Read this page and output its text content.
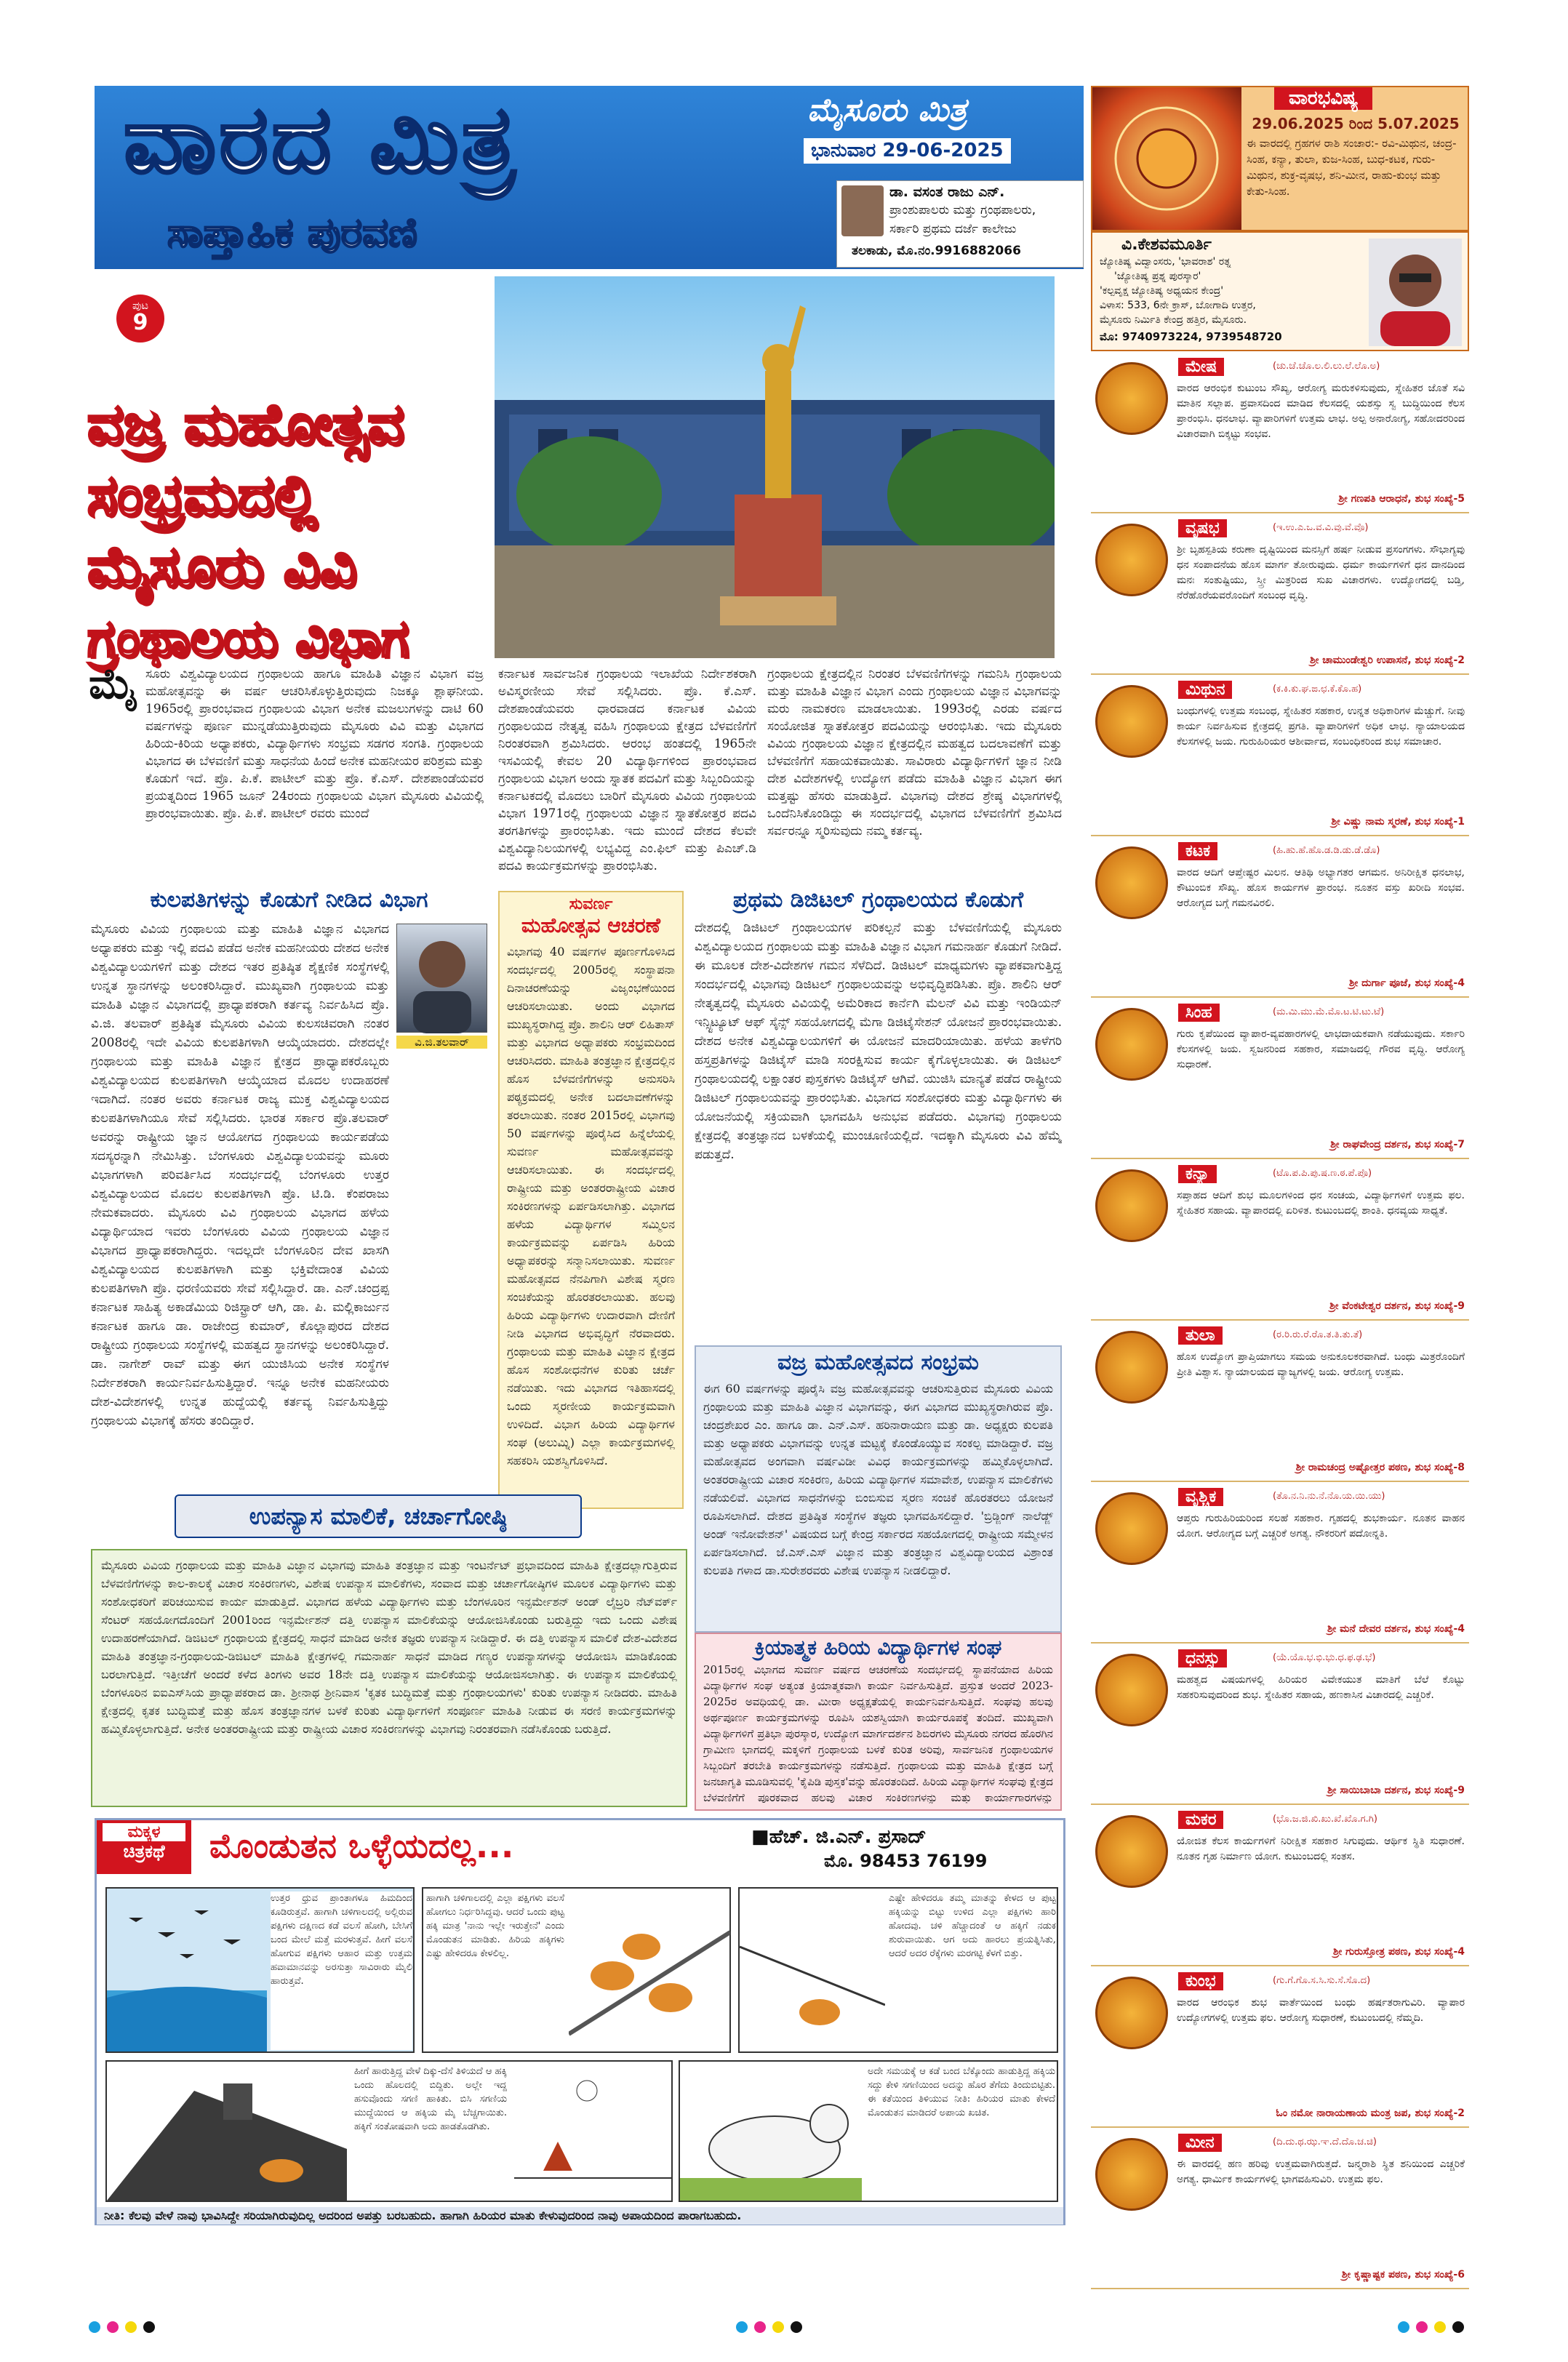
ವಾರದ ಮಿತ್ರ
ಸಾಪ್ತಾಹಿಕ ಪುರವಣಿ
ಮೈಸೂರು ಮಿತ್ರ
ಭಾನುವಾರ 29-06-2025
ಡಾ. ವಸಂತ ರಾಜು ಎನ್.
ಪ್ರಾಂಶುಪಾಲರು ಮತ್ತು ಗ್ರಂಥಪಾಲರು,
ಸರ್ಕಾರಿ ಪ್ರಥಮ ದರ್ಜೆ ಕಾಲೇಜು
ತಲಕಾಡು, ಮೊ.ನಂ.9916882066
ಪುಟ
9
ವಜ್ರ ಮಹೋತ್ಸವ
ಸಂಭ್ರಮದಲ್ಲಿ
ಮೈಸೂರು ವಿವಿ
ಗ್ರಂಥಾಲಯ ವಿಭಾಗ
ಮೈ ಸೂರು ವಿಶ್ವವಿದ್ಯಾಲಯದ ಗ್ರಂಥಾಲಯ ಹಾಗೂ ಮಾಹಿತಿ ವಿಜ್ಞಾನ ವಿಭಾಗ ವಜ್ರ ಮಹೋತ್ಸವನ್ನು ಈ ವರ್ಷ ಆಚರಿಸಿಕೊಳ್ಳುತ್ತಿರುವುದು ನಿಜಕ್ಕೂ ಶ್ಲಾಘನೀಯ. 1965ರಲ್ಲಿ ಪ್ರಾರಂಭವಾದ ಗ್ರಂಥಾಲಯ ವಿಭಾಗ ಅನೇಕ ಮಜಲುಗಳನ್ನು ದಾಟಿ 60 ವರ್ಷಗಳನ್ನು ಪೂರ್ಣ ಮುನ್ನಡೆಯುತ್ತಿರುವುದು ಮೈಸೂರು ವಿವಿ ಮತ್ತು ವಿಭಾಗದ ಹಿರಿಯ-ಕಿರಿಯ ಅಧ್ಯಾಪಕರು, ವಿದ್ಯಾರ್ಥಿಗಳು ಸಂಭ್ರಮ ಸಡಗರ ಸಂಗತಿ. ಗ್ರಂಥಾಲಯ ವಿಭಾಗದ ಈ ಬೆಳವಣಿಗೆ ಮತ್ತು ಸಾಧನೆಯ ಹಿಂದೆ ಅನೇಕ ಮಹನೀಯರ ಪರಿಶ್ರಮ ಮತ್ತು ಕೊಡುಗೆ ಇದೆ. ಪ್ರೊ. ಪಿ.ಕೆ. ಪಾಟೀಲ್ ಮತ್ತು ಪ್ರೊ. ಕೆ.ಎಸ್. ದೇಶಪಾಂಡೆಯವರ ಪ್ರಯತ್ನದಿಂದ 1965 ಜೂನ್ 24ರಂದು ಗ್ರಂಥಾಲಯ ವಿಭಾಗ ಮೈಸೂರು ವಿವಿಯಲ್ಲಿ ಪ್ರಾರಂಭವಾಯಿತು. ಪ್ರೊ. ಪಿ.ಕೆ. ಪಾಟೀಲ್ ರವರು ಮುಂದೆ
ಕರ್ನಾಟಕ ಸಾರ್ವಜನಿಕ ಗ್ರಂಥಾಲಯ ಇಲಾಖೆಯ ನಿರ್ದೇಶಕರಾಗಿ ಅವಿಸ್ಮರಣೀಯ ಸೇವೆ ಸಲ್ಲಿಸಿದರು. ಪ್ರೊ. ಕೆ.ಎಸ್. ದೇಶಪಾಂಡೆಯವರು ಧಾರವಾಡದ ಕರ್ನಾಟಕ ವಿವಿಯ ಗ್ರಂಥಾಲಯದ ನೇತೃತ್ವ ವಹಿಸಿ ಗ್ರಂಥಾಲಯ ಕ್ಷೇತ್ರದ ಬೆಳವಣಿಗೆಗೆ ನಿರಂತರವಾಗಿ ಶ್ರಮಿಸಿದರು. ಆರಂಭ ಹಂತದಲ್ಲಿ 1965ನೇ ಇಸವಿಯಲ್ಲಿ ಕೇವಲ 20 ವಿದ್ಯಾರ್ಥಿಗಳಿಂದ ಪ್ರಾರಂಭವಾದ ಗ್ರಂಥಾಲಯ ವಿಭಾಗ ಅಂದು ಸ್ನಾತಕ ಪದವಿಗೆ ಮತ್ತು ಸಿಬ್ಬಂದಿಯನ್ನು ಕರ್ನಾಟಕದಲ್ಲಿ ಮೊದಲು ಬಾರಿಗೆ ಮೈಸೂರು ವಿವಿಯ ಗ್ರಂಥಾಲಯ ವಿಭಾಗ 1971ರಲ್ಲಿ ಗ್ರಂಥಾಲಯ ವಿಜ್ಞಾನ ಸ್ನಾತಕೋತ್ತರ ಪದವಿ ತರಗತಿಗಳನ್ನು ಪ್ರಾರಂಭಿಸಿತು. ಇದು ಮುಂದೆ ದೇಶದ ಕೆಲವೇ ವಿಶ್ವವಿದ್ಯಾನಿಲಯಗಳಲ್ಲಿ ಲಭ್ಯವಿದ್ದ ಎಂ.ಫಿಲ್ ಮತ್ತು ಪಿಎಚ್.ಡಿ ಪದವಿ ಕಾರ್ಯಕ್ರಮಗಳನ್ನು ಪ್ರಾರಂಭಿಸಿತು.
ಗ್ರಂಥಾಲಯ ಕ್ಷೇತ್ರದಲ್ಲಿನ ನಿರಂತರ ಬೆಳವಣಿಗೆಗಳನ್ನು ಗಮನಿಸಿ ಗ್ರಂಥಾಲಯ ಮತ್ತು ಮಾಹಿತಿ ವಿಜ್ಞಾನ ವಿಭಾಗ ಎಂದು ಗ್ರಂಥಾಲಯ ವಿಜ್ಞಾನ ವಿಭಾಗವನ್ನು ಮರು ನಾಮಕರಣ ಮಾಡಲಾಯಿತು. 1993ರಲ್ಲಿ ಎರಡು ವರ್ಷದ ಸಂಯೋಜಿತ ಸ್ನಾತಕೋತ್ತರ ಪದವಿಯನ್ನು ಆರಂಭಿಸಿತು. ಇದು ಮೈಸೂರು ವಿವಿಯ ಗ್ರಂಥಾಲಯ ವಿಜ್ಞಾನ ಕ್ಷೇತ್ರದಲ್ಲಿನ ಮಹತ್ವದ ಬದಲಾವಣೆಗೆ ಮತ್ತು ಬೆಳವಣಿಗೆಗೆ ಸಹಾಯಕವಾಯಿತು. ಸಾವಿರಾರು ವಿದ್ಯಾರ್ಥಿಗಳಿಗೆ ಜ್ಞಾನ ನೀಡಿ ದೇಶ ವಿದೇಶಗಳಲ್ಲಿ ಉದ್ಯೋಗ ಪಡೆದು ಮಾಹಿತಿ ವಿಜ್ಞಾನ ವಿಭಾಗ ಈಗ ಮತ್ತಷ್ಟು ಹೆಸರು ಮಾಡುತ್ತಿದೆ. ವಿಭಾಗವು ದೇಶದ ಶ್ರೇಷ್ಠ ವಿಭಾಗಗಳಲ್ಲಿ ಒಂದೆನಿಸಿಕೊಂಡಿದ್ದು ಈ ಸಂದರ್ಭದಲ್ಲಿ ವಿಭಾಗದ ಬೆಳವಣಿಗೆಗೆ ಶ್ರಮಿಸಿದ ಸರ್ವರನ್ನೂ ಸ್ಮರಿಸುವುದು ನಮ್ಮ ಕರ್ತವ್ಯ.
ಕುಲಪತಿಗಳನ್ನು ಕೊಡುಗೆ ನೀಡಿದ ವಿಭಾಗ
ವಿ.ಜಿ.ತಲವಾರ್
ಮೈಸೂರು ವಿವಿಯ ಗ್ರಂಥಾಲಯ ಮತ್ತು ಮಾಹಿತಿ ವಿಜ್ಞಾನ ವಿಭಾಗದ ಅಧ್ಯಾಪಕರು ಮತ್ತು ಇಲ್ಲಿ ಪದವಿ ಪಡೆದ ಅನೇಕ ಮಹನೀಯರು ದೇಶದ ಅನೇಕ ವಿಶ್ವವಿದ್ಯಾಲಯಗಳಿಗೆ ಮತ್ತು ದೇಶದ ಇತರ ಪ್ರತಿಷ್ಠಿತ ಶೈಕ್ಷಣಿಕ ಸಂಸ್ಥೆಗಳಲ್ಲಿ ಉನ್ನತ ಸ್ಥಾನಗಳನ್ನು ಅಲಂಕರಿಸಿದ್ದಾರೆ. ಮುಖ್ಯವಾಗಿ ಗ್ರಂಥಾಲಯ ಮತ್ತು ಮಾಹಿತಿ ವಿಜ್ಞಾನ ವಿಭಾಗದಲ್ಲಿ ಪ್ರಾಧ್ಯಾಪಕರಾಗಿ ಕರ್ತವ್ಯ ನಿರ್ವಹಿಸಿದ ಪ್ರೊ. ವಿ.ಜಿ. ತಲವಾರ್ ಪ್ರತಿಷ್ಠಿತ ಮೈಸೂರು ವಿವಿಯ ಕುಲಸಚಿವರಾಗಿ ನಂತರ 2008ರಲ್ಲಿ ಇದೇ ವಿವಿಯ ಕುಲಪತಿಗಳಾಗಿ ಆಯ್ಕೆಯಾದರು. ದೇಶದಲ್ಲೇ ಗ್ರಂಥಾಲಯ ಮತ್ತು ಮಾಹಿತಿ ವಿಜ್ಞಾನ ಕ್ಷೇತ್ರದ ಪ್ರಾಧ್ಯಾಪಕರೊಬ್ಬರು ವಿಶ್ವವಿದ್ಯಾಲಯದ ಕುಲಪತಿಗಳಾಗಿ ಆಯ್ಕೆಯಾದ ಮೊದಲ ಉದಾಹರಣೆ ಇದಾಗಿದೆ. ನಂತರ ಅವರು ಕರ್ನಾಟಕ ರಾಜ್ಯ ಮುಕ್ತ ವಿಶ್ವವಿದ್ಯಾಲಯದ ಕುಲಪತಿಗಳಾಗಿಯೂ ಸೇವೆ ಸಲ್ಲಿಸಿದರು. ಭಾರತ ಸರ್ಕಾರ ಪ್ರೊ.ತಲವಾರ್ ಅವರನ್ನು ರಾಷ್ಟ್ರೀಯ ಜ್ಞಾನ ಆಯೋಗದ ಗ್ರಂಥಾಲಯ ಕಾರ್ಯಪಡೆಯ ಸದಸ್ಯರನ್ನಾಗಿ ನೇಮಿಸಿತ್ತು. ಬೆಂಗಳೂರು ವಿಶ್ವವಿದ್ಯಾಲಯವನ್ನು ಮೂರು ವಿಭಾಗಗಳಾಗಿ ಪರಿವರ್ತಿಸಿದ ಸಂದರ್ಭದಲ್ಲಿ ಬೆಂಗಳೂರು ಉತ್ತರ ವಿಶ್ವವಿದ್ಯಾಲಯದ ಮೊದಲ ಕುಲಪತಿಗಳಾಗಿ ಪ್ರೊ. ಟಿ.ಡಿ. ಕೆಂಪರಾಜು ನೇಮಕವಾದರು. ಮೈಸೂರು ವಿವಿ ಗ್ರಂಥಾಲಯ ವಿಭಾಗದ ಹಳೆಯ ವಿದ್ಯಾರ್ಥಿಯಾದ ಇವರು ಬೆಂಗಳೂರು ವಿವಿಯ ಗ್ರಂಥಾಲಯ ವಿಜ್ಞಾನ ವಿಭಾಗದ ಪ್ರಾಧ್ಯಾಪಕರಾಗಿದ್ದರು. ಇದಲ್ಲದೇ ಬೆಂಗಳೂರಿನ ದೇವ ಖಾಸಗಿ ವಿಶ್ವವಿದ್ಯಾಲಯದ ಕುಲಪತಿಗಳಾಗಿ ಮತ್ತು ಭಕ್ತಿವೇದಾಂತ ವಿವಿಯ ಕುಲಪತಿಗಳಾಗಿ ಪ್ರೊ. ಧರಣಿಯವರು ಸೇವೆ ಸಲ್ಲಿಸಿದ್ದಾರೆ. ಡಾ. ಎನ್.ಚಂದ್ರಪ್ಪ ಕರ್ನಾಟಕ ಸಾಹಿತ್ಯ ಅಕಾಡೆಮಿಯ ರಿಜಿಸ್ಟ್ರಾರ್ ಆಗಿ, ಡಾ. ಪಿ. ಮಲ್ಲಿಕಾರ್ಜುನ ಕರ್ನಾಟಕ ಹಾಗೂ ಡಾ. ರಾಜೇಂದ್ರ ಕುಮಾರ್, ಕೊಲ್ಲಾಪುರದ ದೇಶದ ರಾಷ್ಟ್ರೀಯ ಗ್ರಂಥಾಲಯ ಸಂಸ್ಥೆಗಳಲ್ಲಿ ಮಹತ್ವದ ಸ್ಥಾನಗಳನ್ನು ಅಲಂಕರಿಸಿದ್ದಾರೆ. ಡಾ. ನಾಗೇಶ್ ರಾವ್ ಮತ್ತು ಈಗ ಯುಜಿಸಿಯ ಅನೇಕ ಸಂಸ್ಥೆಗಳ ನಿರ್ದೇಶಕರಾಗಿ ಕಾರ್ಯನಿರ್ವಹಿಸುತ್ತಿದ್ದಾರೆ. ಇನ್ನೂ ಅನೇಕ ಮಹನೀಯರು ದೇಶ-ವಿದೇಶಗಳಲ್ಲಿ ಉನ್ನತ ಹುದ್ದೆಯಲ್ಲಿ ಕರ್ತವ್ಯ ನಿರ್ವಹಿಸುತ್ತಿದ್ದು ಗ್ರಂಥಾಲಯ ವಿಭಾಗಕ್ಕೆ ಹೆಸರು ತಂದಿದ್ದಾರೆ.
ಸುವರ್ಣ
ಮಹೋತ್ಸವ ಆಚರಣೆ
ವಿಭಾಗವು 40 ವರ್ಷಗಳ ಪೂರ್ಣಗೊಳಿಸಿದ ಸಂದರ್ಭದಲ್ಲಿ 2005ರಲ್ಲಿ ಸಂಸ್ಥಾಪನಾ ದಿನಾಚರಣೆಯನ್ನು ವಿಜೃಂಭಣೆಯಿಂದ ಆಚರಿಸಲಾಯಿತು. ಅಂದು ವಿಭಾಗದ ಮುಖ್ಯಸ್ಥರಾಗಿದ್ದ ಪ್ರೊ. ಶಾಲಿನಿ ಆರ್ ಲಿಹಿತಾಸ್ ಮತ್ತು ವಿಭಾಗದ ಅಧ್ಯಾಪಕರು ಸಂಭ್ರಮದಿಂದ ಆಚರಿಸಿದರು. ಮಾಹಿತಿ ತಂತ್ರಜ್ಞಾನ ಕ್ಷೇತ್ರದಲ್ಲಿನ ಹೊಸ ಬೆಳವಣಿಗೆಗಳನ್ನು ಅನುಸರಿಸಿ ಪಠ್ಯಕ್ರಮದಲ್ಲಿ ಅನೇಕ ಬದಲಾವಣೆಗಳನ್ನು ತರಲಾಯಿತು. ನಂತರ 2015ರಲ್ಲಿ ವಿಭಾಗವು 50 ವರ್ಷಗಳನ್ನು ಪೂರೈಸಿದ ಹಿನ್ನೆಲೆಯಲ್ಲಿ ಸುವರ್ಣ ಮಹೋತ್ಸವವನ್ನು ಆಚರಿಸಲಾಯಿತು. ಈ ಸಂದರ್ಭದಲ್ಲಿ ರಾಷ್ಟ್ರೀಯ ಮತ್ತು ಅಂತರರಾಷ್ಟ್ರೀಯ ವಿಚಾರ ಸಂಕಿರಣಗಳನ್ನು ಏರ್ಪಡಿಸಲಾಗಿತ್ತು. ವಿಭಾಗದ ಹಳೆಯ ವಿದ್ಯಾರ್ಥಿಗಳ ಸಮ್ಮಿಲನ ಕಾರ್ಯಕ್ರಮವನ್ನು ಏರ್ಪಡಿಸಿ ಹಿರಿಯ ಅಧ್ಯಾಪಕರನ್ನು ಸನ್ಮಾನಿಸಲಾಯಿತು. ಸುವರ್ಣ ಮಹೋತ್ಸವದ ನೆನಪಿಗಾಗಿ ವಿಶೇಷ ಸ್ಮರಣ ಸಂಚಿಕೆಯನ್ನು ಹೊರತರಲಾಯಿತು. ಹಲವು ಹಿರಿಯ ವಿದ್ಯಾರ್ಥಿಗಳು ಉದಾರವಾಗಿ ದೇಣಿಗೆ ನೀಡಿ ವಿಭಾಗದ ಅಭಿವೃದ್ಧಿಗೆ ನೆರವಾದರು. ಗ್ರಂಥಾಲಯ ಮತ್ತು ಮಾಹಿತಿ ವಿಜ್ಞಾನ ಕ್ಷೇತ್ರದ ಹೊಸ ಸಂಶೋಧನೆಗಳ ಕುರಿತು ಚರ್ಚೆ ನಡೆಯಿತು. ಇದು ವಿಭಾಗದ ಇತಿಹಾಸದಲ್ಲಿ ಒಂದು ಸ್ಮರಣೀಯ ಕಾರ್ಯಕ್ರಮವಾಗಿ ಉಳಿದಿದೆ. ವಿಭಾಗ ಹಿರಿಯ ವಿದ್ಯಾರ್ಥಿಗಳ ಸಂಘ (ಅಲುಮ್ನಿ) ಎಲ್ಲಾ ಕಾರ್ಯಕ್ರಮಗಳಲ್ಲಿ ಸಹಕರಿಸಿ ಯಶಸ್ವಿಗೊಳಿಸಿದೆ.
ಪ್ರಥಮ ಡಿಜಿಟಲ್ ಗ್ರಂಥಾಲಯದ ಕೊಡುಗೆ
ದೇಶದಲ್ಲಿ ಡಿಜಿಟಲ್ ಗ್ರಂಥಾಲಯಗಳ ಪರಿಕಲ್ಪನೆ ಮತ್ತು ಬೆಳವಣಿಗೆಯಲ್ಲಿ ಮೈಸೂರು ವಿಶ್ವವಿದ್ಯಾಲಯದ ಗ್ರಂಥಾಲಯ ಮತ್ತು ಮಾಹಿತಿ ವಿಜ್ಞಾನ ವಿಭಾಗ ಗಮನಾರ್ಹ ಕೊಡುಗೆ ನೀಡಿದೆ. ಈ ಮೂಲಕ ದೇಶ-ವಿದೇಶಗಳ ಗಮನ ಸೆಳೆದಿದೆ. ಡಿಜಿಟಲ್ ಮಾಧ್ಯಮಗಳು ವ್ಯಾಪಕವಾಗುತ್ತಿದ್ದ ಸಂದರ್ಭದಲ್ಲಿ ವಿಭಾಗವು ಡಿಜಿಟಲ್ ಗ್ರಂಥಾಲಯವನ್ನು ಅಭಿವೃದ್ಧಿಪಡಿಸಿತು. ಪ್ರೊ. ಶಾಲಿನಿ ಆರ್ ನೇತೃತ್ವದಲ್ಲಿ ಮೈಸೂರು ವಿವಿಯಲ್ಲಿ ಅಮೆರಿಕಾದ ಕಾರ್ನೆಗಿ ಮೆಲನ್ ವಿವಿ ಮತ್ತು ಇಂಡಿಯನ್ ಇನ್ಸ್ಟಿಟ್ಯೂಟ್ ಆಫ್ ಸೈನ್ಸ್ ಸಹಯೋಗದಲ್ಲಿ ಮೆಗಾ ಡಿಜಿಟೈಸೇಶನ್ ಯೋಜನೆ ಪ್ರಾರಂಭವಾಯಿತು. ದೇಶದ ಅನೇಕ ವಿಶ್ವವಿದ್ಯಾಲಯಗಳಿಗೆ ಈ ಯೋಜನೆ ಮಾದರಿಯಾಯಿತು. ಹಳೆಯ ತಾಳೆಗರಿ ಹಸ್ತಪ್ರತಿಗಳನ್ನು ಡಿಜಿಟೈಸ್ ಮಾಡಿ ಸಂರಕ್ಷಿಸುವ ಕಾರ್ಯ ಕೈಗೊಳ್ಳಲಾಯಿತು. ಈ ಡಿಜಿಟಲ್ ಗ್ರಂಥಾಲಯದಲ್ಲಿ ಲಕ್ಷಾಂತರ ಪುಸ್ತಕಗಳು ಡಿಜಿಟೈಸ್ ಆಗಿವೆ. ಯುಜಿಸಿ ಮಾನ್ಯತೆ ಪಡೆದ ರಾಷ್ಟ್ರೀಯ ಡಿಜಿಟಲ್ ಗ್ರಂಥಾಲಯವನ್ನು ಪ್ರಾರಂಭಿಸಿತು. ವಿಭಾಗದ ಸಂಶೋಧಕರು ಮತ್ತು ವಿದ್ಯಾರ್ಥಿಗಳು ಈ ಯೋಜನೆಯಲ್ಲಿ ಸಕ್ರಿಯವಾಗಿ ಭಾಗವಹಿಸಿ ಅನುಭವ ಪಡೆದರು. ವಿಭಾಗವು ಗ್ರಂಥಾಲಯ ಕ್ಷೇತ್ರದಲ್ಲಿ ತಂತ್ರಜ್ಞಾನದ ಬಳಕೆಯಲ್ಲಿ ಮುಂಚೂಣಿಯಲ್ಲಿದೆ. ಇದಕ್ಕಾಗಿ ಮೈಸೂರು ವಿವಿ ಹೆಮ್ಮೆ ಪಡುತ್ತದೆ.
ವಜ್ರ ಮಹೋತ್ಸವದ ಸಂಭ್ರಮ
ಈಗ 60 ವರ್ಷಗಳನ್ನು ಪೂರೈಸಿ ವಜ್ರ ಮಹೋತ್ಸವವನ್ನು ಆಚರಿಸುತ್ತಿರುವ ಮೈಸೂರು ವಿವಿಯ ಗ್ರಂಥಾಲಯ ಮತ್ತು ಮಾಹಿತಿ ವಿಜ್ಞಾನ ವಿಭಾಗವನ್ನು, ಈಗ ವಿಭಾಗದ ಮುಖ್ಯಸ್ಥರಾಗಿರುವ ಪ್ರೊ. ಚಂದ್ರಶೇಖರ ಎಂ. ಹಾಗೂ ಡಾ. ಎನ್.ಎಸ್. ಹರಿನಾರಾಯಣ ಮತ್ತು ಡಾ. ಅಧ್ಯಕ್ಷರು ಕುಲಪತಿ ಮತ್ತು ಅಧ್ಯಾಪಕರು ವಿಭಾಗವನ್ನು ಉನ್ನತ ಮಟ್ಟಕ್ಕೆ ಕೊಂಡೊಯ್ಯುವ ಸಂಕಲ್ಪ ಮಾಡಿದ್ದಾರೆ. ವಜ್ರ ಮಹೋತ್ಸವದ ಅಂಗವಾಗಿ ವರ್ಷವಿಡೀ ವಿವಿಧ ಕಾರ್ಯಕ್ರಮಗಳನ್ನು ಹಮ್ಮಿಕೊಳ್ಳಲಾಗಿದೆ. ಅಂತರರಾಷ್ಟ್ರೀಯ ವಿಚಾರ ಸಂಕಿರಣ, ಹಿರಿಯ ವಿದ್ಯಾರ್ಥಿಗಳ ಸಮಾವೇಶ, ಉಪನ್ಯಾಸ ಮಾಲಿಕೆಗಳು ನಡೆಯಲಿವೆ. ವಿಭಾಗದ ಸಾಧನೆಗಳನ್ನು ಬಿಂಬಿಸುವ ಸ್ಮರಣ ಸಂಚಿಕೆ ಹೊರತರಲು ಯೋಜನೆ ರೂಪಿಸಲಾಗಿದೆ. ದೇಶದ ಪ್ರತಿಷ್ಠಿತ ಸಂಸ್ಥೆಗಳ ತಜ್ಞರು ಭಾಗವಹಿಸಲಿದ್ದಾರೆ. 'ಬ್ರಿಡ್ಜಿಂಗ್ ನಾಲೆಡ್ಜ್ ಅಂಡ್ ಇನೋವೇಶನ್' ವಿಷಯದ ಬಗ್ಗೆ ಕೇಂದ್ರ ಸರ್ಕಾರದ ಸಹಯೋಗದಲ್ಲಿ ರಾಷ್ಟ್ರೀಯ ಸಮ್ಮೇಳನ ಏರ್ಪಡಿಸಲಾಗಿದೆ. ಜೆ.ಎಸ್.ಎಸ್ ವಿಜ್ಞಾನ ಮತ್ತು ತಂತ್ರಜ್ಞಾನ ವಿಶ್ವವಿದ್ಯಾಲಯದ ವಿಶ್ರಾಂತ ಕುಲಪತಿ ಗಳಾದ ಡಾ.ಸುರೇಶರವರು ವಿಶೇಷ ಉಪನ್ಯಾಸ ನೀಡಲಿದ್ದಾರೆ.
ಉಪನ್ಯಾಸ ಮಾಲಿಕೆ, ಚರ್ಚಾಗೋಷ್ಠಿ
ಮೈಸೂರು ವಿವಿಯ ಗ್ರಂಥಾಲಯ ಮತ್ತು ಮಾಹಿತಿ ವಿಜ್ಞಾನ ವಿಭಾಗವು ಮಾಹಿತಿ ತಂತ್ರಜ್ಞಾನ ಮತ್ತು ಇಂಟರ್ನೆಟ್ ಪ್ರಭಾವದಿಂದ ಮಾಹಿತಿ ಕ್ಷೇತ್ರದಲ್ಲಾಗುತ್ತಿರುವ ಬೆಳವಣಿಗೆಗಳನ್ನು ಕಾಲ-ಕಾಲಕ್ಕೆ ವಿಚಾರ ಸಂಕಿರಣಗಳು, ವಿಶೇಷ ಉಪನ್ಯಾಸ ಮಾಲಿಕೆಗಳು, ಸಂವಾದ ಮತ್ತು ಚರ್ಚಾಗೋಷ್ಠಿಗಳ ಮೂಲಕ ವಿದ್ಯಾರ್ಥಿಗಳು ಮತ್ತು ಸಂಶೋಧಕರಿಗೆ ಪರಿಚಯಿಸುವ ಕಾರ್ಯ ಮಾಡುತ್ತಿದೆ. ವಿಭಾಗದ ಹಳೆಯ ವಿದ್ಯಾರ್ಥಿಗಳು ಮತ್ತು ಬೆಂಗಳೂರಿನ ಇನ್ಫರ್ಮೇಶನ್ ಅಂಡ್ ಲೈಬ್ರರಿ ನೆಟ್‌ವರ್ಕ್ ಸೆಂಟರ್ ಸಹಯೋಗದೊಂದಿಗೆ 2001ರಿಂದ ಇನ್ಫರ್ಮೇಶನ್ ದತ್ತಿ ಉಪನ್ಯಾಸ ಮಾಲಿಕೆಯನ್ನು ಆಯೋಜಿಸಿಕೊಂಡು ಬರುತ್ತಿದ್ದು ಇದು ಒಂದು ವಿಶೇಷ ಉದಾಹರಣೆಯಾಗಿದೆ. ಡಿಜಿಟಲ್ ಗ್ರಂಥಾಲಯ ಕ್ಷೇತ್ರದಲ್ಲಿ ಸಾಧನೆ ಮಾಡಿದ ಅನೇಕ ತಜ್ಞರು ಉಪನ್ಯಾಸ ನೀಡಿದ್ದಾರೆ. ಈ ದತ್ತಿ ಉಪನ್ಯಾಸ ಮಾಲಿಕೆ ದೇಶ-ವಿದೇಶದ ಮಾಹಿತಿ ತಂತ್ರಜ್ಞಾನ-ಗ್ರಂಥಾಲಯ-ಡಿಜಿಟಲ್ ಮಾಹಿತಿ ಕ್ಷೇತ್ರಗಳಲ್ಲಿ ಗಮನಾರ್ಹ ಸಾಧನೆ ಮಾಡಿದ ಗಣ್ಯರ ಉಪನ್ಯಾಸಗಳನ್ನು ಆಯೋಜಿಸಿ ಮಾಡಿಕೊಂಡು ಬರಲಾಗುತ್ತಿದೆ. ಇತ್ತೀಚೆಗೆ ಅಂದರೆ ಕಳೆದ ತಿಂಗಳು ಅವರ 18ನೇ ದತ್ತಿ ಉಪನ್ಯಾಸ ಮಾಲಿಕೆಯನ್ನು ಆಯೋಜಿಸಲಾಗಿತ್ತು. ಈ ಉಪನ್ಯಾಸ ಮಾಲಿಕೆಯಲ್ಲಿ ಬೆಂಗಳೂರಿನ ಐಐಎಸ್‌ಸಿಯ ಪ್ರಾಧ್ಯಾಪಕರಾದ ಡಾ. ಶ್ರೀನಾಥ ಶ್ರೀನಿವಾಸ 'ಕೃತಕ ಬುದ್ಧಿಮತ್ತೆ ಮತ್ತು ಗ್ರಂಥಾಲಯಗಳು' ಕುರಿತು ಉಪನ್ಯಾಸ ನೀಡಿದರು. ಮಾಹಿತಿ ಕ್ಷೇತ್ರದಲ್ಲಿ ಕೃತಕ ಬುದ್ಧಿಮತ್ತೆ ಮತ್ತು ಹೊಸ ತಂತ್ರಜ್ಞಾನಗಳ ಬಳಕೆ ಕುರಿತು ವಿದ್ಯಾರ್ಥಿಗಳಿಗೆ ಸಂಪೂರ್ಣ ಮಾಹಿತಿ ನೀಡುವ ಈ ಸರಣಿ ಕಾರ್ಯಕ್ರಮಗಳನ್ನು ಹಮ್ಮಿಕೊಳ್ಳಲಾಗುತ್ತಿದೆ. ಅನೇಕ ಅಂತರರಾಷ್ಟ್ರೀಯ ಮತ್ತು ರಾಷ್ಟ್ರೀಯ ವಿಚಾರ ಸಂಕಿರಣಗಳನ್ನು ವಿಭಾಗವು ನಿರಂತರವಾಗಿ ನಡೆಸಿಕೊಂಡು ಬರುತ್ತಿದೆ.
ಕ್ರಿಯಾತ್ಮಕ ಹಿರಿಯ ವಿದ್ಯಾರ್ಥಿಗಳ ಸಂಘ
2015ರಲ್ಲಿ ವಿಭಾಗದ ಸುವರ್ಣ ವರ್ಷದ ಆಚರಣೆಯ ಸಂದರ್ಭದಲ್ಲಿ ಸ್ಥಾಪನೆಯಾದ ಹಿರಿಯ ವಿದ್ಯಾರ್ಥಿಗಳ ಸಂಘ ಅತ್ಯಂತ ಕ್ರಿಯಾತ್ಮಕವಾಗಿ ಕಾರ್ಯ ನಿರ್ವಹಿಸುತ್ತಿದೆ. ಪ್ರಸ್ತುತ ಅಂದರೆ 2023-2025ರ ಅವಧಿಯಲ್ಲಿ ಡಾ. ಮೀರಾ ಅಧ್ಯಕ್ಷತೆಯಲ್ಲಿ ಕಾರ್ಯನಿರ್ವಹಿಸುತ್ತಿದೆ. ಸಂಘವು ಹಲವು ಅರ್ಥಪೂರ್ಣ ಕಾರ್ಯಕ್ರಮಗಳನ್ನು ರೂಪಿಸಿ ಯಶಸ್ವಿಯಾಗಿ ಕಾರ್ಯರೂಪಕ್ಕೆ ತಂದಿದೆ. ಮುಖ್ಯವಾಗಿ ವಿದ್ಯಾರ್ಥಿಗಳಿಗೆ ಪ್ರತಿಭಾ ಪುರಸ್ಕಾರ, ಉದ್ಯೋಗ ಮಾರ್ಗದರ್ಶನ ಶಿಬಿರಗಳು ಮೈಸೂರು ನಗರದ ಹೊರಗಿನ ಗ್ರಾಮೀಣ ಭಾಗದಲ್ಲಿ ಮಕ್ಕಳಿಗೆ ಗ್ರಂಥಾಲಯ ಬಳಕೆ ಕುರಿತ ಅರಿವು, ಸಾರ್ವಜನಿಕ ಗ್ರಂಥಾಲಯಗಳ ಸಿಬ್ಬಂದಿಗೆ ತರಬೇತಿ ಕಾರ್ಯಕ್ರಮಗಳನ್ನು ನಡೆಸುತ್ತಿದೆ. ಗ್ರಂಥಾಲಯ ಮತ್ತು ಮಾಹಿತಿ ಕ್ಷೇತ್ರದ ಬಗ್ಗೆ ಜನಜಾಗೃತಿ ಮೂಡಿಸುವಲ್ಲಿ 'ಕೈಪಿಡಿ ಪುಸ್ತಕ'ವನ್ನು ಹೊರತಂದಿದೆ. ಹಿರಿಯ ವಿದ್ಯಾರ್ಥಿಗಳ ಸಂಘವು ಕ್ಷೇತ್ರದ ಬೆಳವಣಿಗೆಗೆ ಪೂರಕವಾದ ಹಲವು ವಿಚಾರ ಸಂಕಿರಣಗಳನ್ನು ಮತ್ತು ಕಾರ್ಯಾಗಾರಗಳನ್ನು
ವಾರಭವಿಷ್ಯ
29.06.2025 ರಿಂದ 5.07.2025
ಈ ವಾರದಲ್ಲಿ ಗ್ರಹಗಳ ರಾಶಿ ಸಂಚಾರ:- ರವಿ-ಮಿಥುನ, ಚಂದ್ರ-ಸಿಂಹ, ಕನ್ಯಾ, ತುಲಾ, ಕುಜ-ಸಿಂಹ, ಬುಧ-ಕಟಕ, ಗುರು-ಮಿಥುನ, ಶುಕ್ರ-ವೃಷಭ, ಶನಿ-ಮೀನ, ರಾಹು-ಕುಂಭ ಮತ್ತು ಕೇತು-ಸಿಂಹ.
ವಿ.ಕೇಶವಮೂರ್ತಿ
ಜ್ಯೋತಿಷ್ಯ ವಿದ್ವಾಂಸರು, 'ಭಾವರಾಶ' ರತ್ನ
'ಜ್ಯೋತಿಷ್ಯ ಪ್ರಶ್ನ ಪುರಸ್ಕಾರ'
'ಕಲ್ಪವೃಕ್ಷ ಜ್ಯೋತಿಷ್ಯ ಅಧ್ಯಯನ ಕೇಂದ್ರ'
ವಿಳಾಸ: 533, 6ನೇ ಕ್ರಾಸ್, ಬೋಗಾದಿ ಉತ್ತರ,
ಮೈಸೂರು ನಿರ್ಮಿತಿ ಕೇಂದ್ರ ಹತ್ತಿರ, ಮೈಸೂರು.
ಮೊ: 9740973224, 9739548720
ಮೇಷ	(ಚು.ಚೆ.ಚೊ.ಲ.ಲಿ.ಲು.ಲೆ.ಲೊ.ಅ)
ವಾರದ ಆರಂಭಿಕ ಕುಟುಂಬ ಸೌಖ್ಯ, ಆರೋಗ್ಯ ಮರುಕಳಿಸುವುದು, ಸ್ನೇಹಿತರ ಜೊತೆ ಸವಿ ಮಾತಿನ ಸಲ್ಲಾಪ. ಪ್ರವಾಸದಿಂದ ಮಾಡಿದ ಕೆಲಸದಲ್ಲಿ ಯಶಸ್ಸು ಸ್ವ ಬುದ್ಧಿಯಿಂದ ಕೆಲಸ ಪ್ರಾರಂಭಿಸಿ. ಧನಲಾಭ. ವ್ಯಾಪಾರಿಗಳಿಗೆ ಉತ್ತಮ ಲಾಭ. ಅಲ್ಪ ಅನಾರೋಗ್ಯ, ಸಹೋದರರಿಂದ ವಿಚಾರವಾಗಿ ಬಿಕ್ಕಟ್ಟು ಸಂಭವ.
ಶ್ರೀ ಗಣಪತಿ ಆರಾಧನೆ, ಶುಭ ಸಂಖ್ಯೆ-5
ವೃಷಭ	(ಇ.ಉ.ಎ.ಒ.ವ.ವಿ.ವು.ವೆ.ವೊ)
ಶ್ರೀ ಬೃಹಸ್ಪತಿಯ ಕರುಣಾ ದೃಷ್ಟಿಯಿಂದ ಮನಸ್ಸಿಗೆ ಹರ್ಷ ನೀಡುವ ಪ್ರಸಂಗಗಳು. ಸೌಭಾಗ್ಯವು ಧನ ಸಂಪಾದನೆಯ ಹೊಸ ಮಾರ್ಗ ತೋರುವುದು. ಧರ್ಮ ಕಾರ್ಯಗಳಿಗೆ ಧನ ದಾನದಿಂದ ಮನಃ ಸಂತುಷ್ಟಿಯು, ಸ್ತ್ರೀ ಮಿತ್ರರಿಂದ ಸುಖ ವಿಚಾರಗಳು. ಉದ್ಯೋಗದಲ್ಲಿ ಬಡ್ತಿ, ನೆರೆಹೊರೆಯವರೊಂದಿಗೆ ಸಂಬಂಧ ವೃದ್ಧಿ.
ಶ್ರೀ ಚಾಮುಂಡೇಶ್ವರಿ ಉಪಾಸನೆ, ಶುಭ ಸಂಖ್ಯೆ-2
ಮಿಥುನ	(ಕ.ಕಿ.ಕು.ಘ.ಙ.ಛ.ಕೆ.ಕೊ.ಹ)
ಬಂಧುಗಳಲ್ಲಿ ಉತ್ತಮ ಸಂಬಂಧ, ಸ್ನೇಹಿತರ ಸಹಕಾರ, ಉನ್ನತ ಅಧಿಕಾರಿಗಳ ಮೆಚ್ಚುಗೆ. ನೀವು ಕಾರ್ಯ ನಿರ್ವಹಿಸುವ ಕ್ಷೇತ್ರದಲ್ಲಿ ಪ್ರಗತಿ. ವ್ಯಾಪಾರಿಗಳಿಗೆ ಅಧಿಕ ಲಾಭ. ನ್ಯಾಯಾಲಯದ ಕೆಲಸಗಳಲ್ಲಿ ಜಯ. ಗುರುಹಿರಿಯರ ಆಶೀರ್ವಾದ, ಸಂಬಂಧಿಕರಿಂದ ಶುಭ ಸಮಾಚಾರ.
ಶ್ರೀ ವಿಷ್ಣು ನಾಮ ಸ್ಮರಣೆ, ಶುಭ ಸಂಖ್ಯೆ-1
ಕಟಕ	(ಹಿ.ಹು.ಹೆ.ಹೊ.ಡ.ಡಿ.ಡು.ಡೆ.ಡೊ)
ವಾರದ ಆದಿಗೆ ಆಪ್ತೇಷ್ಟರ ಮಿಲನ. ಆತಿಥಿ ಅಭ್ಯಾಗತರ ಆಗಮನ. ಅನಿರೀಕ್ಷಿತ ಧನಲಾಭ, ಕೌಟುಂಬಿಕ ಸೌಖ್ಯ. ಹೊಸ ಕಾರ್ಯಗಳ ಪ್ರಾರಂಭ. ನೂತನ ವಸ್ತು ಖರೀದಿ ಸಂಭವ. ಆರೋಗ್ಯದ ಬಗ್ಗೆ ಗಮನವಿರಲಿ.
ಶ್ರೀ ದುರ್ಗಾ ಪೂಜೆ, ಶುಭ ಸಂಖ್ಯೆ-4
ಸಿಂಹ	(ಮ.ಮಿ.ಮು.ಮೆ.ಮೊ.ಟ.ಟಿ.ಟು.ಟೆ)
ಗುರು ಕೃಪೆಯಿಂದ ವ್ಯಾಪಾರ-ವ್ಯವಹಾರಗಳಲ್ಲಿ ಲಾಭದಾಯಕವಾಗಿ ನಡೆಯುವುದು. ಸರ್ಕಾರಿ ಕೆಲಸಗಳಲ್ಲಿ ಜಯ. ಸ್ವಜನರಿಂದ ಸಹಕಾರ, ಸಮಾಜದಲ್ಲಿ ಗೌರವ ವೃದ್ಧಿ. ಆರೋಗ್ಯ ಸುಧಾರಣೆ.
ಶ್ರೀ ರಾಘವೇಂದ್ರ ದರ್ಶನ, ಶುಭ ಸಂಖ್ಯೆ-7
ಕನ್ಯಾ	(ಟೊ.ಪ.ಪಿ.ಪು.ಷ.ಣ.ಠ.ಪೆ.ಪೊ)
ಸಪ್ತಾಹದ ಆದಿಗೆ ಶುಭ ಮೂಲಗಳಿಂದ ಧನ ಸಂಚಯ, ವಿದ್ಯಾರ್ಥಿಗಳಿಗೆ ಉತ್ತಮ ಫಲ. ಸ್ನೇಹಿತರ ಸಹಾಯ. ವ್ಯಾಪಾರದಲ್ಲಿ ಏರಿಳಿತ. ಕುಟುಂಬದಲ್ಲಿ ಶಾಂತಿ. ಧನವ್ಯಯ ಸಾಧ್ಯತೆ.
ಶ್ರೀ ವೆಂಕಟೇಶ್ವರ ದರ್ಶನ, ಶುಭ ಸಂಖ್ಯೆ-9
ತುಲಾ	(ರ.ರಿ.ರು.ರೆ.ರೊ.ತ.ತಿ.ತು.ತೆ)
ಹೊಸ ಉದ್ಯೋಗ ಪ್ರಾಪ್ತಿಯಾಗಲು ಸಮಯ ಅನುಕೂಲಕರವಾಗಿದೆ. ಬಂಧು ಮಿತ್ರರೊಂದಿಗೆ ಪ್ರೀತಿ ವಿಶ್ವಾಸ. ನ್ಯಾಯಾಲಯದ ವ್ಯಾಜ್ಯಗಳಲ್ಲಿ ಜಯ. ಆರೋಗ್ಯ ಉತ್ತಮ.
ಶ್ರೀ ರಾಮಚಂದ್ರ ಅಷ್ಟೋತ್ತರ ಪಠಣ, ಶುಭ ಸಂಖ್ಯೆ-8
ವೃಶ್ಚಿಕ	(ತೊ.ನ.ನಿ.ನು.ನೆ.ನೊ.ಯ.ಯಿ.ಯು)
ಆಪ್ತರು ಗುರುಹಿರಿಯರಿಂದ ಸಲಹೆ ಸಹಕಾರ. ಗೃಹದಲ್ಲಿ ಶುಭಕಾರ್ಯ. ನೂತನ ವಾಹನ ಯೋಗ. ಆರೋಗ್ಯದ ಬಗ್ಗೆ ಎಚ್ಚರಿಕೆ ಅಗತ್ಯ. ನೌಕರರಿಗೆ ಪದೋನ್ನತಿ.
ಶ್ರೀ ಮನೆ ದೇವರ ದರ್ಶನ, ಶುಭ ಸಂಖ್ಯೆ-4
ಧನಸ್ಸು	(ಯೆ.ಯೊ.ಭ.ಭಿ.ಭು.ಧ.ಫ.ಢ.ಭೆ)
ಮಹತ್ವದ ವಿಷಯಗಳಲ್ಲಿ ಹಿರಿಯರ ವಿವೇಕಯುತ ಮಾತಿಗೆ ಬೆಲೆ ಕೊಟ್ಟು ಸಹಕರಿಸುವುದರಿಂದ ಶುಭ. ಸ್ನೇಹಿತರ ಸಹಾಯ, ಹಣಕಾಸಿನ ವಿಚಾರದಲ್ಲಿ ಎಚ್ಚರಿಕೆ.
ಶ್ರೀ ಸಾಯಿಬಾಬಾ ದರ್ಶನ, ಶುಭ ಸಂಖ್ಯೆ-9
ಮಕರ	(ಭೊ.ಜ.ಜಿ.ಖಿ.ಖು.ಖೆ.ಖೊ.ಗ.ಗಿ)
ಯೋಜಿತ ಕೆಲಸ ಕಾರ್ಯಗಳಿಗೆ ನಿರೀಕ್ಷಿತ ಸಹಕಾರ ಸಿಗುವುದು. ಆರ್ಥಿಕ ಸ್ಥಿತಿ ಸುಧಾರಣೆ. ನೂತನ ಗೃಹ ನಿರ್ಮಾಣ ಯೋಗ. ಕುಟುಂಬದಲ್ಲಿ ಸಂತಸ.
ಶ್ರೀ ಗುರುಸ್ತೋತ್ರ ಪಠಣ, ಶುಭ ಸಂಖ್ಯೆ-4
ಕುಂಭ	(ಗು.ಗೆ.ಗೊ.ಸ.ಸಿ.ಸು.ಸೆ.ಸೊ.ದ)
ವಾರದ ಆರಂಭಿಕ ಶುಭ ವಾರ್ತೆಯಿಂದ ಬಂಧು ಹರ್ಷತರಾಗುವಿರಿ. ವ್ಯಾಪಾರ ಉದ್ಯೋಗಗಳಲ್ಲಿ ಉತ್ತಮ ಫಲ. ಆರೋಗ್ಯ ಸುಧಾರಣೆ, ಕುಟುಂಬದಲ್ಲಿ ನೆಮ್ಮದಿ.
ಓಂ ನಮೋ ನಾರಾಯಣಾಯ ಮಂತ್ರ ಜಪ, ಶುಭ ಸಂಖ್ಯೆ-2
ಮೀನ	(ದಿ.ದು.ಥ.ಝ.ಞ.ದೆ.ದೊ.ಚ.ಚಿ)
ಈ ವಾರದಲ್ಲಿ ಹಣ ಹರಿವು ಉತ್ತಮವಾಗಿರುತ್ತದೆ. ಜನ್ಮರಾಶಿ ಸ್ಥಿತ ಶನಿಯಿಂದ ಎಚ್ಚರಿಕೆ ಅಗತ್ಯ. ಧಾರ್ಮಿಕ ಕಾರ್ಯಗಳಲ್ಲಿ ಭಾಗವಹಿಸುವಿರಿ. ಉತ್ತಮ ಫಲ.
ಶ್ರೀ ಕೃಷ್ಣಾಷ್ಟಕ ಪಠಣ, ಶುಭ ಸಂಖ್ಯೆ-6
ಮಕ್ಕಳ
ಚಿತ್ರಕಥೆ	ಮೊಂಡುತನ ಒಳ್ಳೆಯದಲ್ಲ...	■ಹೆಚ್. ಜಿ.ಎನ್. ಪ್ರಸಾದ್
ಮೊ. 98453 76199
ಉತ್ತರ ಧ್ರುವ ಪ್ರಾಂತಾಗಳೂ ಹಿಮದಿಂದ ಕೂಡಿರುತ್ತವೆ. ಹಾಗಾಗಿ ಚಳಿಗಾಲದಲ್ಲಿ ಅಲ್ಲಿರುವ ಪಕ್ಷಿಗಳು ದಕ್ಷಿಣದ ಕಡೆ ವಲಸೆ ಹೋಗಿ, ಬೇಸಿಗೆ ಬಂದ ಮೇಲೆ ಮತ್ತೆ ಮರಳುತ್ತವೆ. ಹೀಗೆ ವಲಸೆ ಹೋಗುವ ಪಕ್ಷಿಗಳು ಆಹಾರ ಮತ್ತು ಉತ್ತಮ ಹವಾಮಾನವನ್ನು ಅರಸುತ್ತಾ ಸಾವಿರಾರು ಮೈಲಿ ಹಾರುತ್ತವೆ.
ಹಾಗಾಗಿ ಚಳಿಗಾಲದಲ್ಲಿ ಎಲ್ಲಾ ಪಕ್ಷಿಗಳು ವಲಸೆ ಹೋಗಲು ನಿರ್ಧರಿಸಿದ್ದವು. ಆದರೆ ಒಂದು ಪುಟ್ಟ ಹಕ್ಕಿ ಮಾತ್ರ 'ನಾನು ಇಲ್ಲೇ ಇರುತ್ತೇನೆ' ಎಂದು ಮೊಂಡುತನ ಮಾಡಿತು. ಹಿರಿಯ ಹಕ್ಕಿಗಳು ಎಷ್ಟು ಹೇಳಿದರೂ ಕೇಳಲಿಲ್ಲ.
ಎಷ್ಟೇ ಹೇಳಿದರೂ ತಮ್ಮ ಮಾತನ್ನು ಕೇಳದ ಆ ಪುಟ್ಟ ಹಕ್ಕಿಯನ್ನು ಬಿಟ್ಟು ಉಳಿದ ಎಲ್ಲಾ ಪಕ್ಷಿಗಳು ಹಾರಿ ಹೋದವು. ಚಳಿ ಹೆಚ್ಚಾದಂತೆ ಆ ಹಕ್ಕಿಗೆ ನಡುಕ ಶುರುವಾಯಿತು. ಆಗ ಅದು ಹಾರಲು ಪ್ರಯತ್ನಿಸಿತು, ಆದರೆ ಅದರ ರೆಕ್ಕೆಗಳು ಮರಗಟ್ಟಿ ಕೆಳಗೆ ಬಿತ್ತು.
ಹೀಗೆ ಹಾರುತ್ತಿದ್ದ ವೇಳೆ ದಿಕ್ಕು-ದೆಸೆ ತಿಳಿಯದೆ ಆ ಹಕ್ಕಿ ಒಂದು ಹೊಲದಲ್ಲಿ ಬಿದ್ದಿತು. ಅಲ್ಲೇ ಇದ್ದ ಹಸುವೊಂದು ಸಗಣಿ ಹಾಕಿತು. ಬಿಸಿ ಸಗಣಿಯ ಮುದ್ದೆಯಿಂದ ಆ ಹಕ್ಕಿಯ ಮೈ ಬೆಚ್ಚಗಾಯಿತು. ಹಕ್ಕಿಗೆ ಸಂತೋಷವಾಗಿ ಅದು ಹಾಡತೊಡಗಿತು.
ಅದೇ ಸಮಯಕ್ಕೆ ಆ ಕಡೆ ಬಂದ ಬೆಕ್ಕೊಂದು ಹಾಡುತ್ತಿದ್ದ ಹಕ್ಕಿಯ ಸದ್ದು ಕೇಳಿ ಸಗಣಿಯಿಂದ ಅದನ್ನು ಹೊರ ತೆಗೆದು ತಿಂದುಬಿಟ್ಟಿತು. ಈ ಕತೆಯಿಂದ ತಿಳಿಯುವ ನೀತಿ: ಹಿರಿಯರ ಮಾತು ಕೇಳದೆ ಮೊಂಡುತನ ಮಾಡಿದರೆ ಅಪಾಯ ಖಚಿತ.
ನೀತಿ: ಕೆಲವು ವೇಳೆ ನಾವು ಭಾವಿಸಿದ್ದೇ ಸರಿಯಾಗಿರುವುದಿಲ್ಲ ಅದರಿಂದ ಅಪತ್ತು ಬರಬಹುದು. ಹಾಗಾಗಿ ಹಿರಿಯರ ಮಾತು ಕೇಳುವುದರಿಂದ ನಾವು ಅಪಾಯದಿಂದ ಪಾರಾಗಬಹುದು.
